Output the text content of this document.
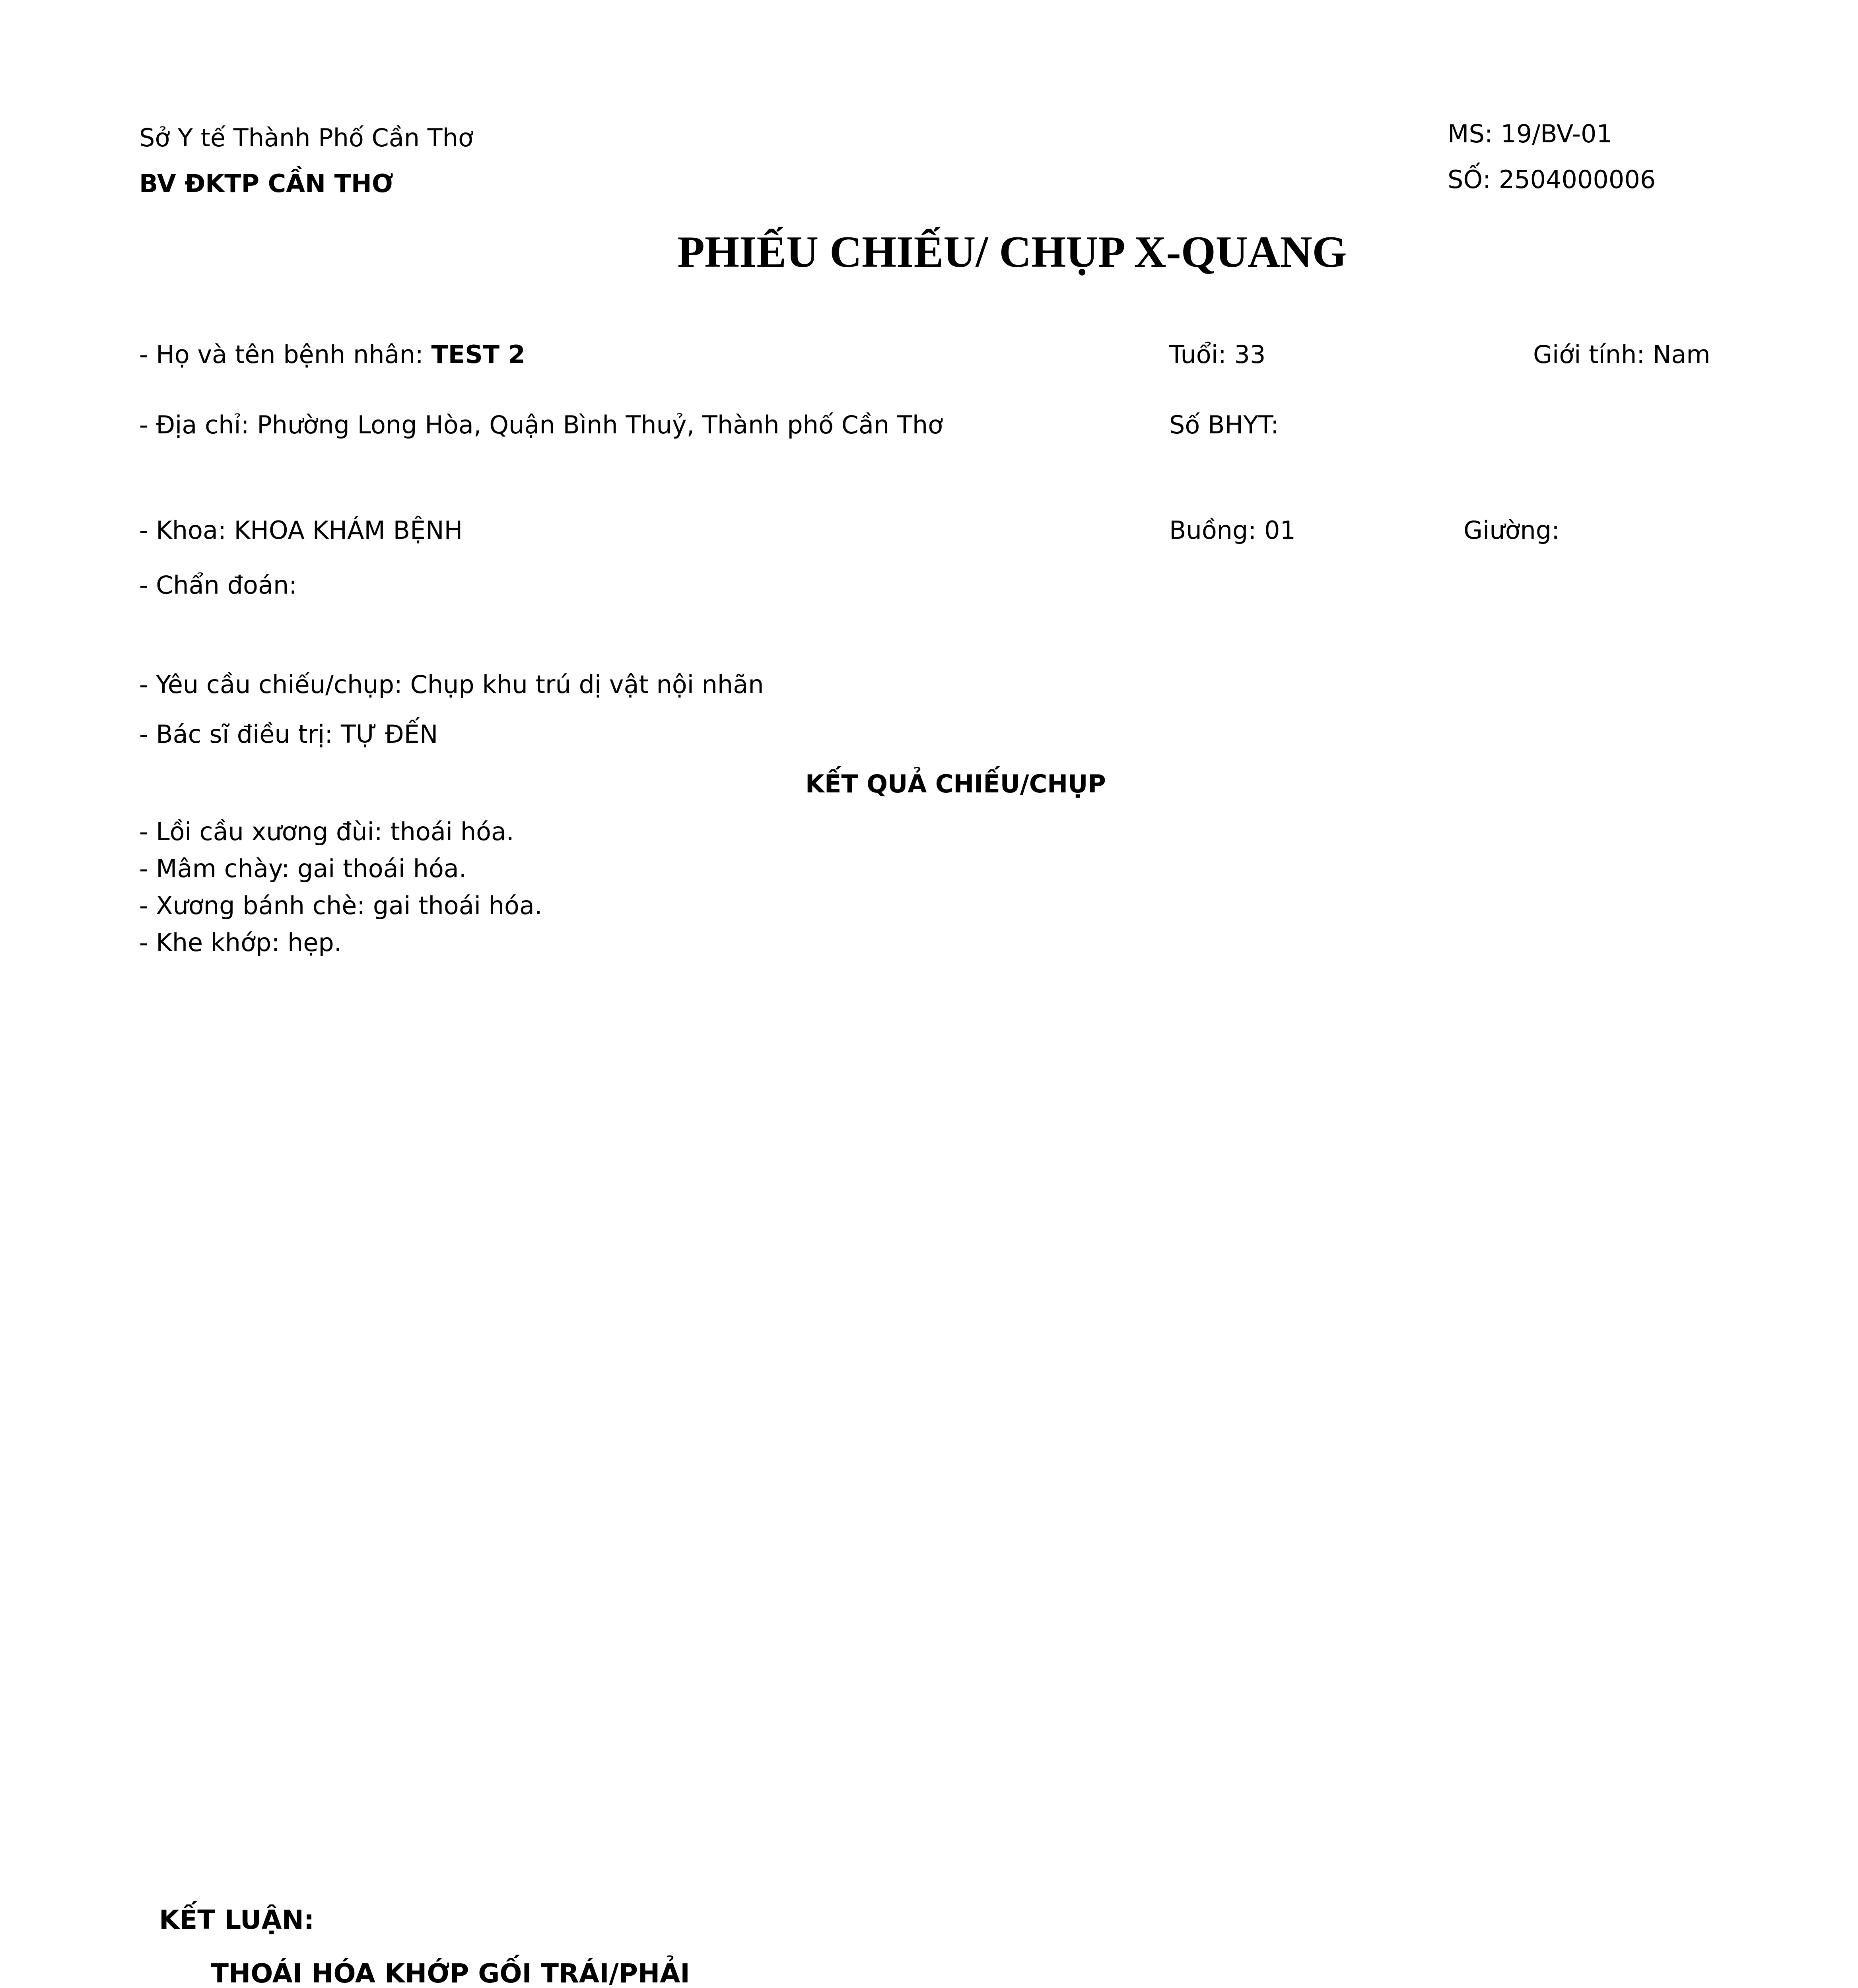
Sở Y tế Thành Phố Cần Thơ
BV ĐKTP CẦN THƠ
MS: 19/BV-01
SỐ: 2504000006
PHIẾU CHIẾU/ CHỤP X-QUANG
- Họ và tên bệnh nhân: TEST 2	Tuổi: 33	Giới tính: Nam
- Địa chỉ: Phường Long Hòa, Quận Bình Thuỷ, Thành phố Cần Thơ	Số BHYT:
- Khoa: KHOA KHÁM BỆNH	Buồng: 01	Giường:
- Chẩn đoán:
- Yêu cầu chiếu/chụp: Chụp khu trú dị vật nội nhãn
- Bác sĩ điều trị: TỰ ĐẾN
KẾT QUẢ CHIẾU/CHỤP
- Lồi cầu xương đùi: thoái hóa.
- Mâm chày: gai thoái hóa.
- Xương bánh chè: gai thoái hóa.
- Khe khớp: hẹp.
KẾT LUẬN:
THOÁI HÓA KHỚP GỐI TRÁI/PHẢI
